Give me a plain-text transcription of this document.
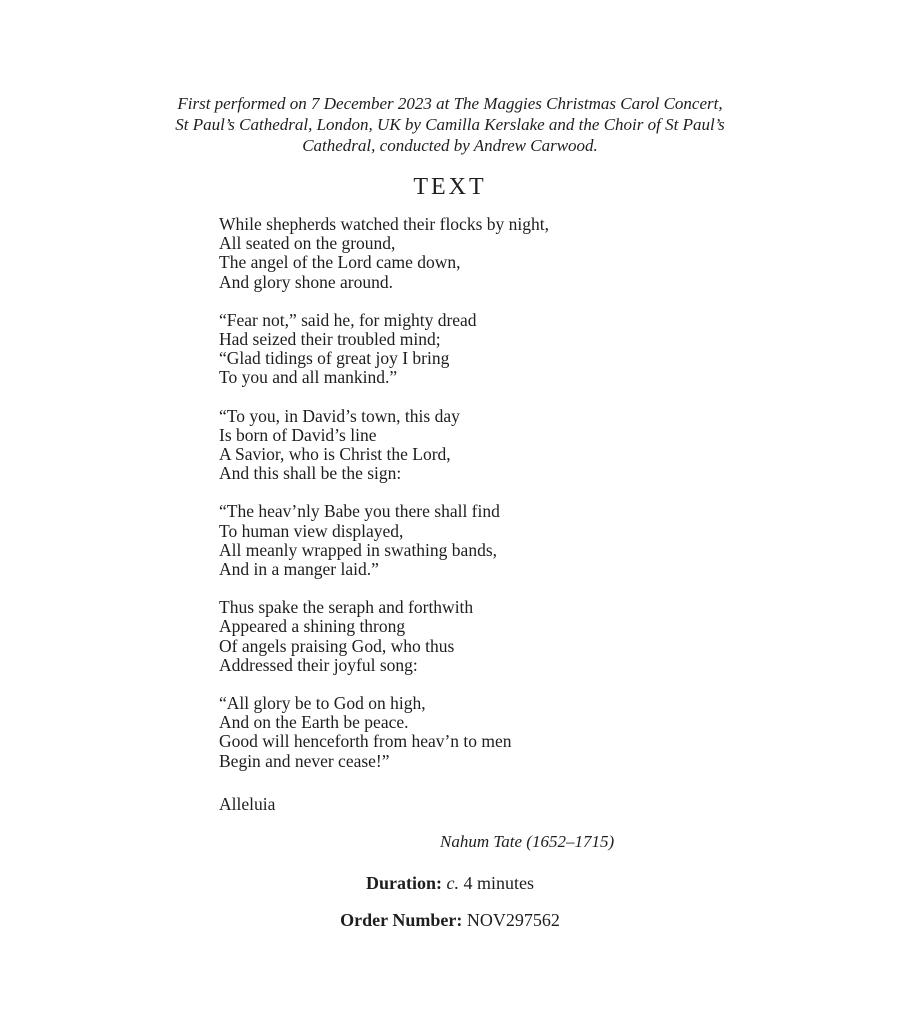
First performed on 7 December 2023 at The Maggies Christmas Carol Concert,
St Paul’s Cathedral, London, UK by Camilla Kerslake and the Choir of St Paul’s
Cathedral, conducted by Andrew Carwood.
TEXT
While shepherds watched their flocks by night,
All seated on the ground,
The angel of the Lord came down,
And glory shone around.
“Fear not,” said he, for mighty dread
Had seized their troubled mind;
“Glad tidings of great joy I bring
To you and all mankind.”
“To you, in David’s town, this day
Is born of David’s line
A Savior, who is Christ the Lord,
And this shall be the sign:
“The heav’nly Babe you there shall find
To human view displayed,
All meanly wrapped in swathing bands,
And in a manger laid.”
Thus spake the seraph and forthwith
Appeared a shining throng
Of angels praising God, who thus
Addressed their joyful song:
“All glory be to God on high,
And on the Earth be peace.
Good will henceforth from heav’n to men
Begin and never cease!”
Alleluia
Nahum Tate (1652–1715)
Duration: c. 4 minutes
Order Number: NOV297562
